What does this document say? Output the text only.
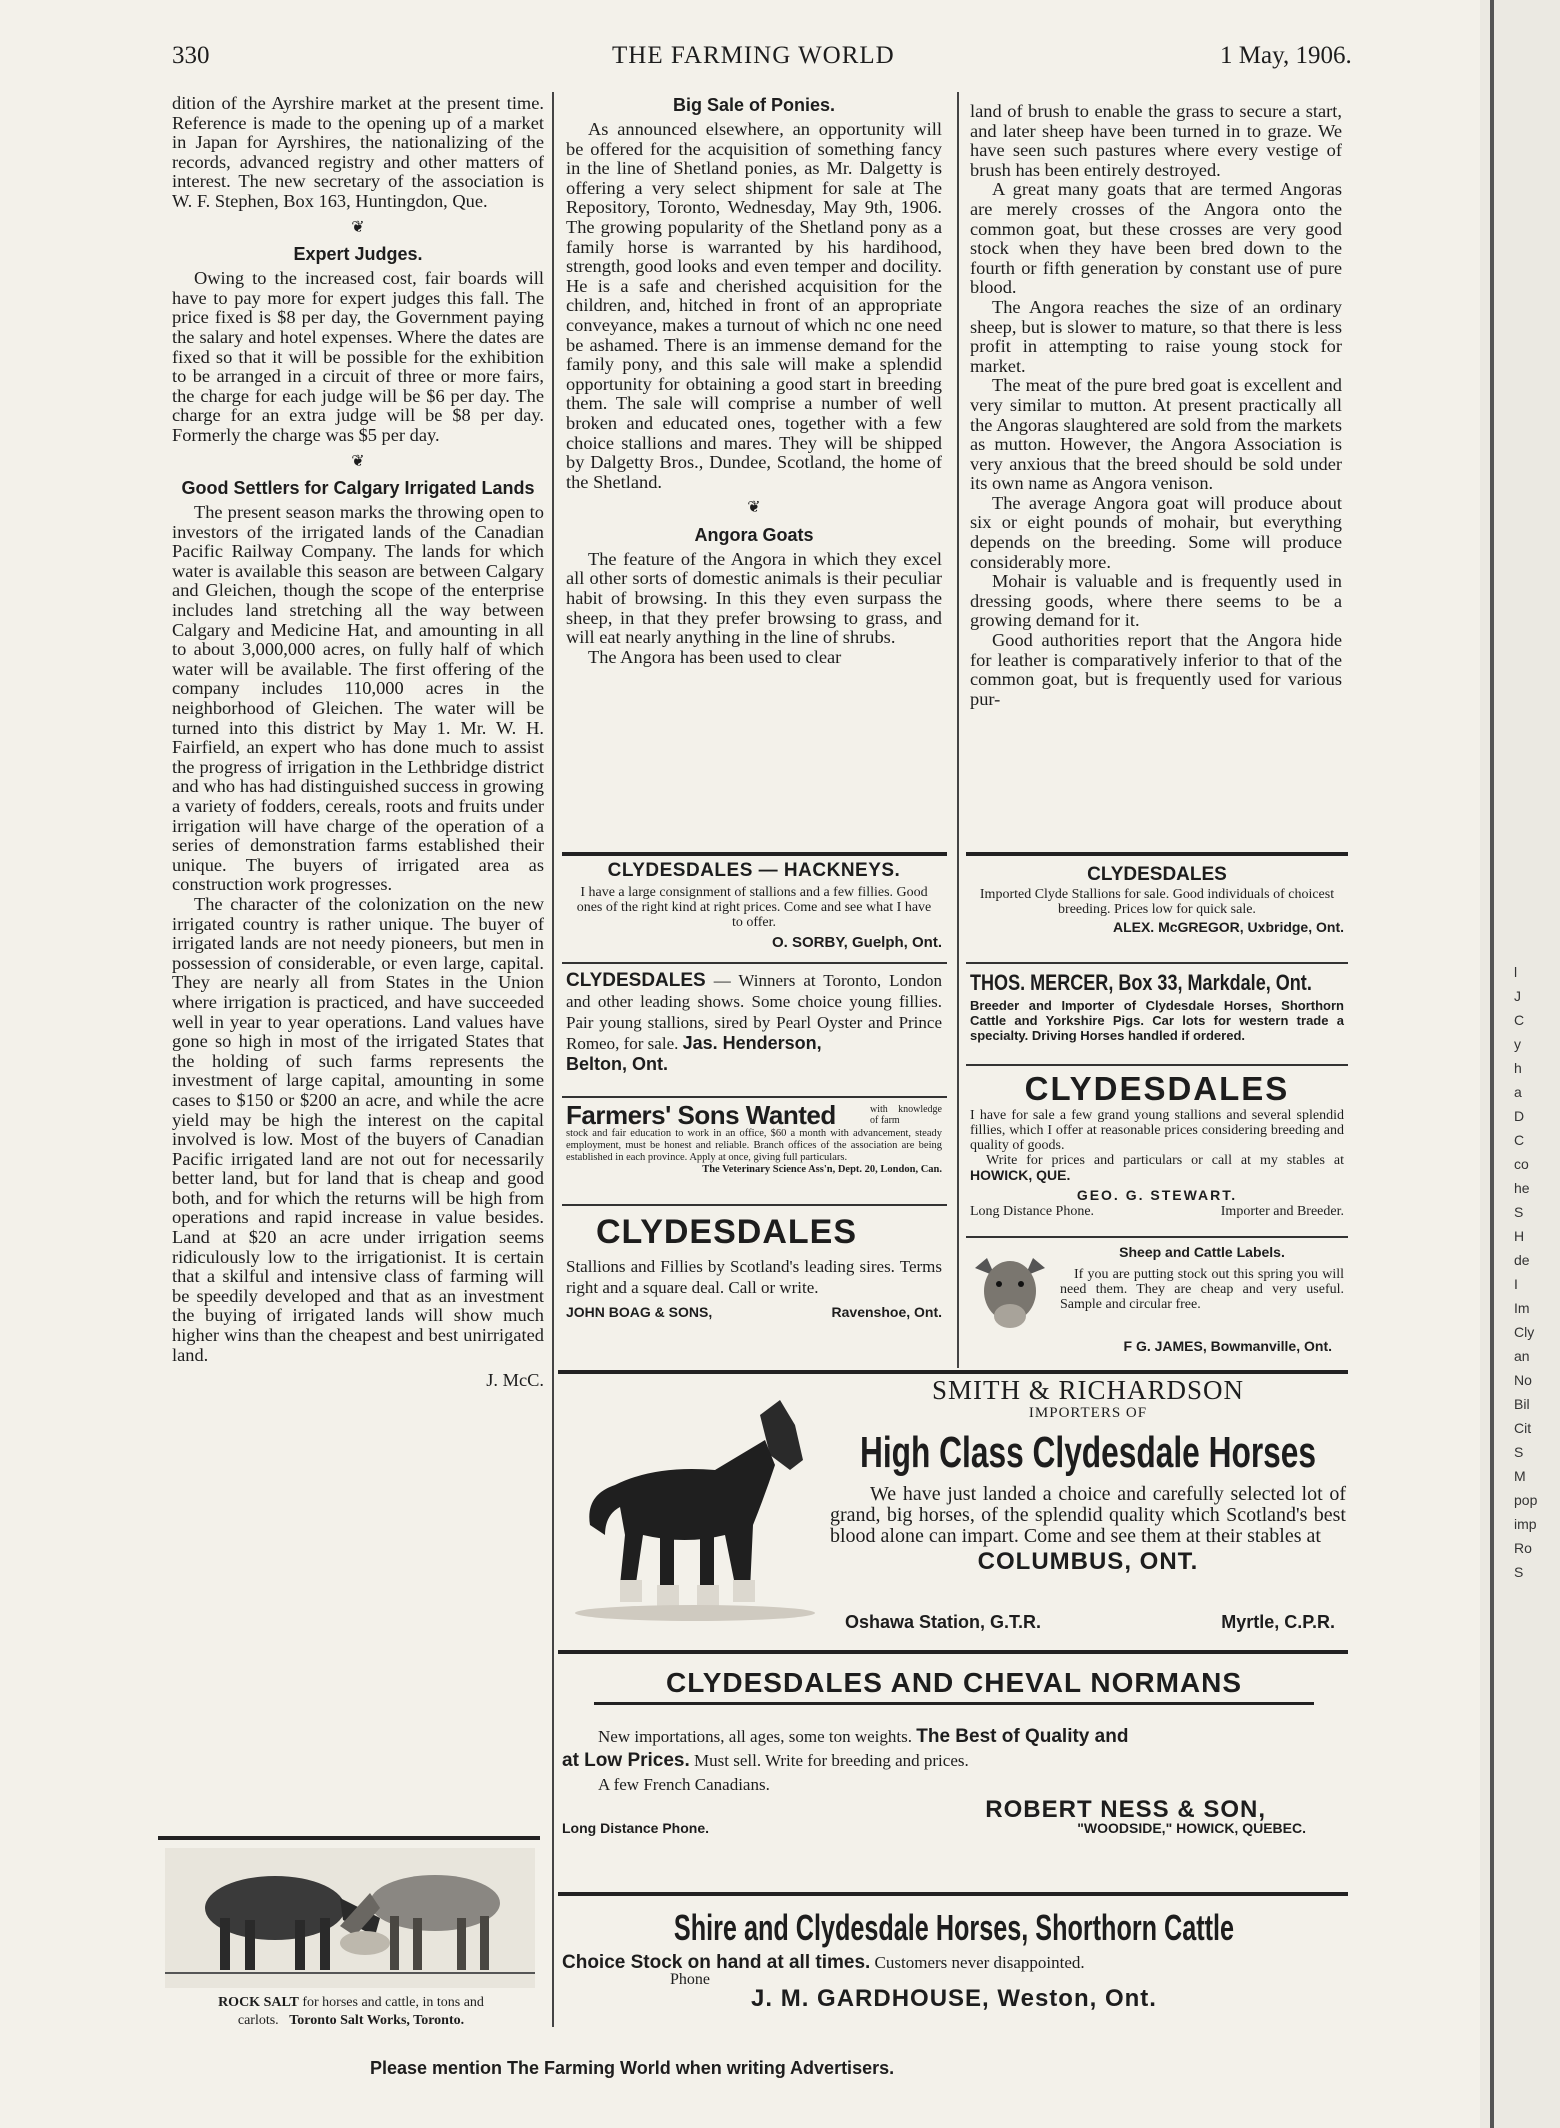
330	THE FARMING WORLD	1 May, 1906.

dition of the Ayrshire market at the present time. Reference is made to the opening up of a market in Japan for Ayrshires, the nationalizing of the records, advanced registry and other matters of interest. The new secretary of the association is W. F. Stephen, Box 163, Huntingdon, Que.

❦
Expert Judges.

Owing to the increased cost, fair boards will have to pay more for expert judges this fall. The price fixed is $8 per day, the Government paying the salary and hotel expenses. Where the dates are fixed so that it will be possible for the exhibition to be arranged in a circuit of three or more fairs, the charge for each judge will be $6 per day. The charge for an extra judge will be $8 per day. Formerly the charge was $5 per day.

❦
Good Settlers for Calgary Irrigated Lands

The present season marks the throwing open to investors of the irrigated lands of the Canadian Pacific Railway Company. The lands for which water is available this season are between Calgary and Gleichen, though the scope of the enterprise includes land stretching all the way between Calgary and Medicine Hat, and amounting in all to about 3,000,000 acres, on fully half of which water will be available. The first offering of the company includes 110,000 acres in the neighborhood of Gleichen. The water will be turned into this district by May 1. Mr. W. H. Fairfield, an expert who has done much to assist the progress of irrigation in the Lethbridge district and who has had distinguished success in growing a variety of fodders, cereals, roots and fruits under irrigation will have charge of the operation of a series of demonstration farms established their unique. The buyers of irrigated area as construction work progresses.

The character of the colonization on the new irrigated country is rather unique. The buyer of irrigated lands are not needy pioneers, but men in possession of considerable, or even large, capital. They are nearly all from States in the Union where irrigation is practiced, and have succeeded well in year to year operations. Land values have gone so high in most of the irrigated States that the holding of such farms represents the investment of large capital, amounting in some cases to $150 or $200 an acre, and while the acre yield may be high the interest on the capital involved is low. Most of the buyers of Canadian Pacific irrigated land are not out for necessarily better land, but for land that is cheap and good both, and for which the returns will be high from operations and rapid increase in value besides. Land at $20 an acre under irrigation seems ridiculously low to the irrigationist. It is certain that a skilful and intensive class of farming will be speedily developed and that as an investment the buying of irrigated lands will show much higher wins than the cheapest and best unirrigated land.

J. McC.
ROCK SALT for horses and cattle, in tons and
carlots. Toronto Salt Works, Toronto.
Big Sale of Ponies.

As announced elsewhere, an opportunity will be offered for the acquisition of something fancy in the line of Shetland ponies, as Mr. Dalgetty is offering a very select shipment for sale at The Repository, Toronto, Wednesday, May 9th, 1906. The growing popularity of the Shetland pony as a family horse is warranted by his hardihood, strength, good looks and even temper and docility. He is a safe and cherished acquisition for the children, and, hitched in front of an appropriate conveyance, makes a turnout of which nc one need be ashamed. There is an immense demand for the family pony, and this sale will make a splendid opportunity for obtaining a good start in breeding them. The sale will comprise a number of well broken and educated ones, together with a few choice stallions and mares. They will be shipped by Dalgetty Bros., Dundee, Scotland, the home of the Shetland.

❦
Angora Goats

The feature of the Angora in which they excel all other sorts of domestic animals is their peculiar habit of browsing. In this they even surpass the sheep, in that they prefer browsing to grass, and will eat nearly anything in the line of shrubs.

The Angora has been used to clear

land of brush to enable the grass to secure a start, and later sheep have been turned in to graze. We have seen such pastures where every vestige of brush has been entirely destroyed.

A great many goats that are termed Angoras are merely crosses of the Angora onto the common goat, but these crosses are very good stock when they have been bred down to the fourth or fifth generation by constant use of pure blood.

The Angora reaches the size of an ordinary sheep, but is slower to mature, so that there is less profit in attempting to raise young stock for market.

The meat of the pure bred goat is excellent and very similar to mutton. At present practically all the Angoras slaughtered are sold from the markets as mutton. However, the Angora Association is very anxious that the breed should be sold under its own name as Angora venison.

The average Angora goat will produce about six or eight pounds of mohair, but everything depends on the breeding. Some will produce considerably more.

Mohair is valuable and is frequently used in dressing goods, where there seems to be a growing demand for it.

Good authorities report that the Angora hide for leather is comparatively inferior to that of the common goat, but is frequently used for various pur-

CLYDESDALES — HACKNEYS.
I have a large consignment of stallions and a few fillies. Good ones of the right kind at right prices. Come and see what I have to offer.
O. SORBY, Guelph, Ont.
CLYDESDALES — Winners at Toronto, London and other leading shows. Some choice young fillies. Pair young stallions, sired by Pearl Oyster and Prince Romeo, for sale. Jas. Henderson,
Belton, Ont.
Farmers' Sons Wanted	with knowledge of farm
stock and fair education to work in an office, $60 a month with advancement, steady employment, must be honest and reliable. Branch offices of the association are being established in each province. Apply at once, giving full particulars.
The Veterinary Science Ass'n, Dept. 20, London, Can.
CLYDESDALES
Stallions and Fillies by Scotland's leading sires. Terms right and a square deal. Call or write.
JOHN BOAG & SONS,	Ravenshoe, Ont.
CLYDESDALES
Imported Clyde Stallions for sale. Good individuals of choicest breeding. Prices low for quick sale.
ALEX. McGREGOR, Uxbridge, Ont.
THOS. MERCER, Box 33, Markdale, Ont.
Breeder and Importer of Clydesdale Horses, Shorthorn Cattle and Yorkshire Pigs. Car lots for western trade a specialty. Driving Horses handled if ordered.
CLYDESDALES
I have for sale a few grand young stallions and several splendid fillies, which I offer at reasonable prices considering breeding and quality of goods.
Write for prices and particulars or call at my stables at HOWICK, QUE.
GEO. G. STEWART.
Long Distance Phone.	Importer and Breeder.
Sheep and Cattle Labels.
If you are putting stock out this spring you will need them. They are cheap and very useful. Sample and circular free.
F G. JAMES, Bowmanville, Ont.
SMITH & RICHARDSON
IMPORTERS OF
High Class Clydesdale Horses
We have just landed a choice and carefully selected lot of grand, big horses, of the splendid quality which Scotland's best blood alone can impart. Come and see them at their stables at
COLUMBUS, ONT.
Oshawa Station, G.T.R.	Myrtle, C.P.R.
CLYDESDALES AND CHEVAL NORMANS
New importations, all ages, some ton weights. The Best of Quality and
at Low Prices. Must sell. Write for breeding and prices.
A few French Canadians.
ROBERT NESS & SON,
Long Distance Phone.	"WOODSIDE," HOWICK, QUEBEC.
Shire and Clydesdale Horses, Shorthorn Cattle
Choice Stock on hand at all times. Customers never disappointed.
Phone
J. M. GARDHOUSE, Weston, Ont.
Please mention The Farming World when writing Advertisers.
l
J
C
y
h
a
D
C
co
he
S
H
de
I
Im
Cly
an
No
Bil
Cit
S
M
pop
imp
Ro
S
